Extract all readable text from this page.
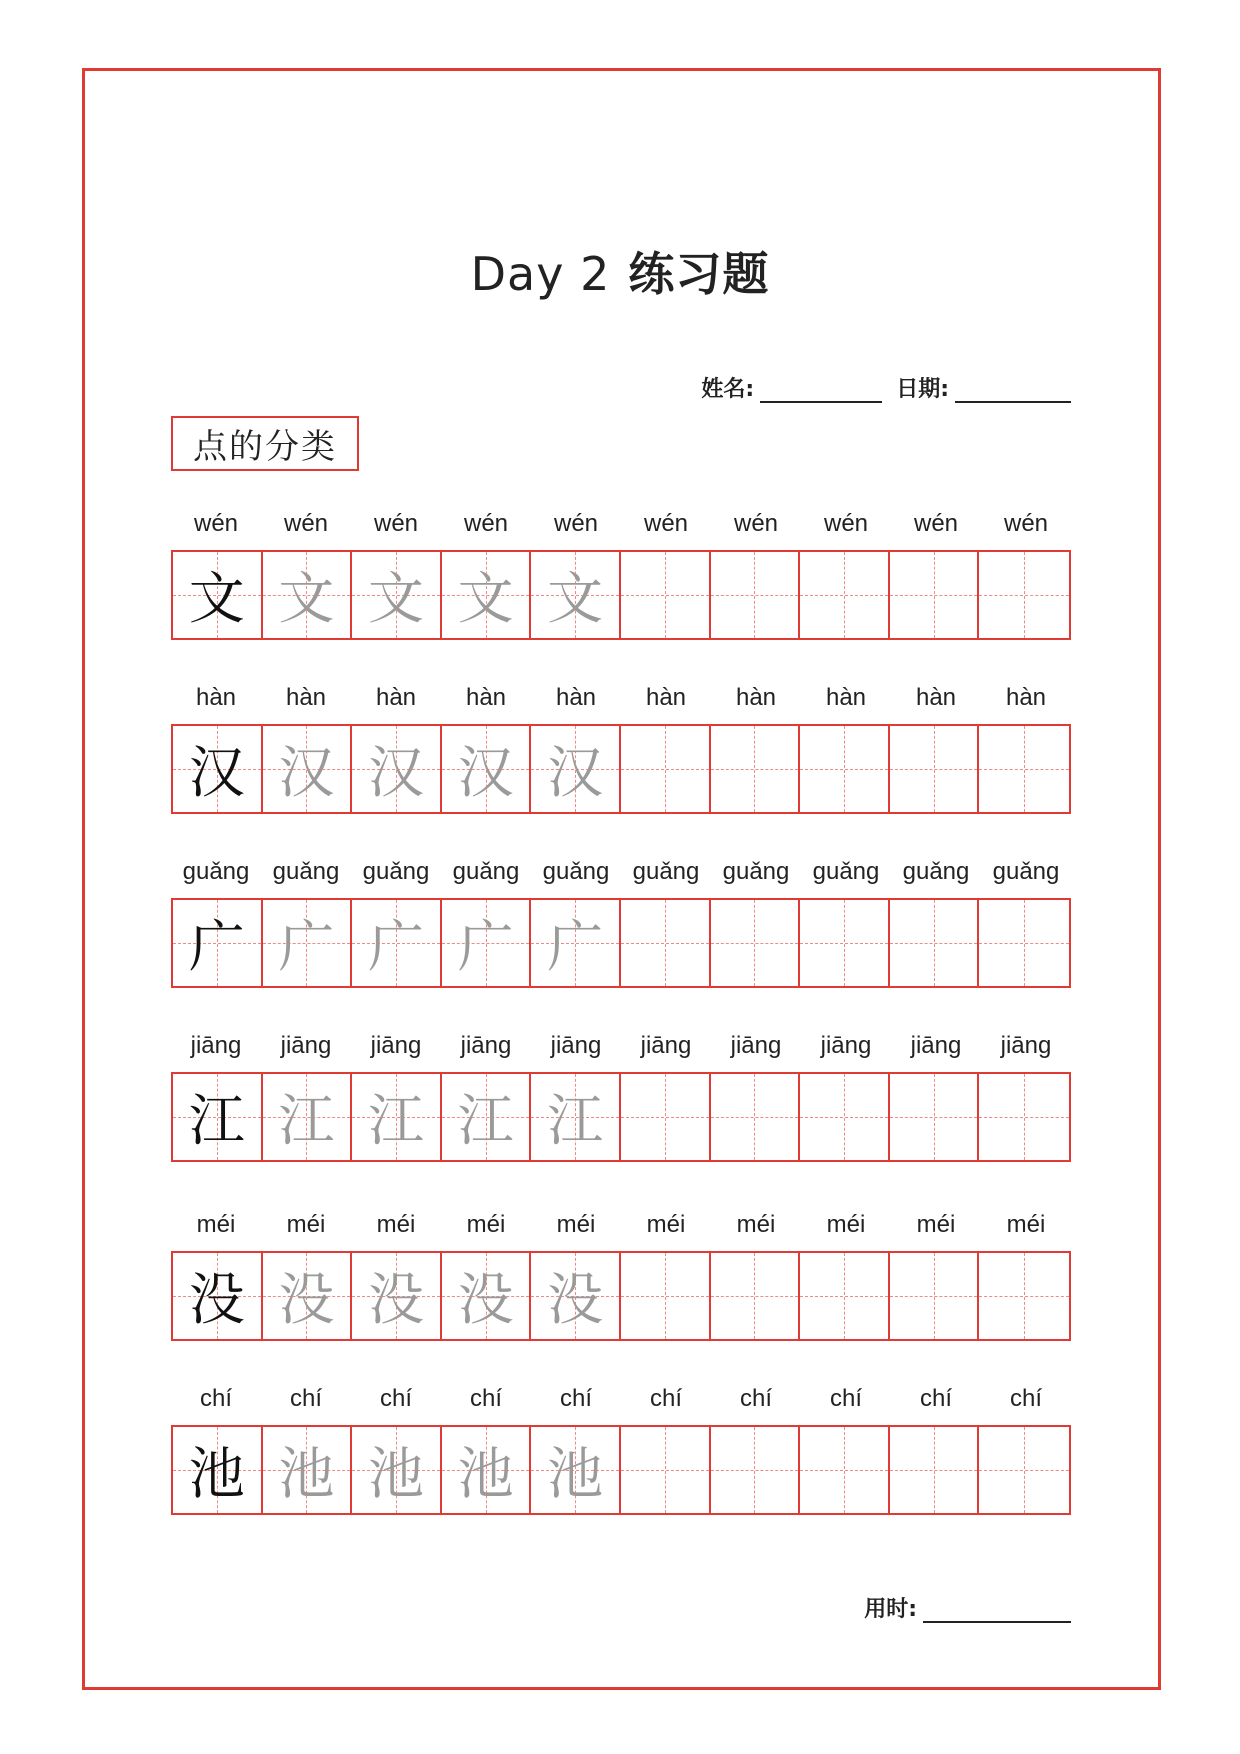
Day 2 练习题
姓名:	日期:
点的分类
wén	wén	wén	wén	wén	wén	wén	wén	wén	wén
文 文 文 文 文
hàn	hàn	hàn	hàn	hàn	hàn	hàn	hàn	hàn	hàn
汉 汉 汉 汉 汉
guǎng guǎng guǎng guǎng guǎng guǎng guǎng guǎng guǎng guǎng
广 广 广 广 广
jiāng	jiāng	jiāng	jiāng	jiāng	jiāng	jiāng	jiāng	jiāng	jiāng
江 江 江 江 江
méi	méi	méi	méi	méi	méi	méi	méi	méi	méi
没 没 没 没 没
chí	chí	chí	chí	chí	chí	chí	chí	chí	chí
池 池 池 池 池
用时:
